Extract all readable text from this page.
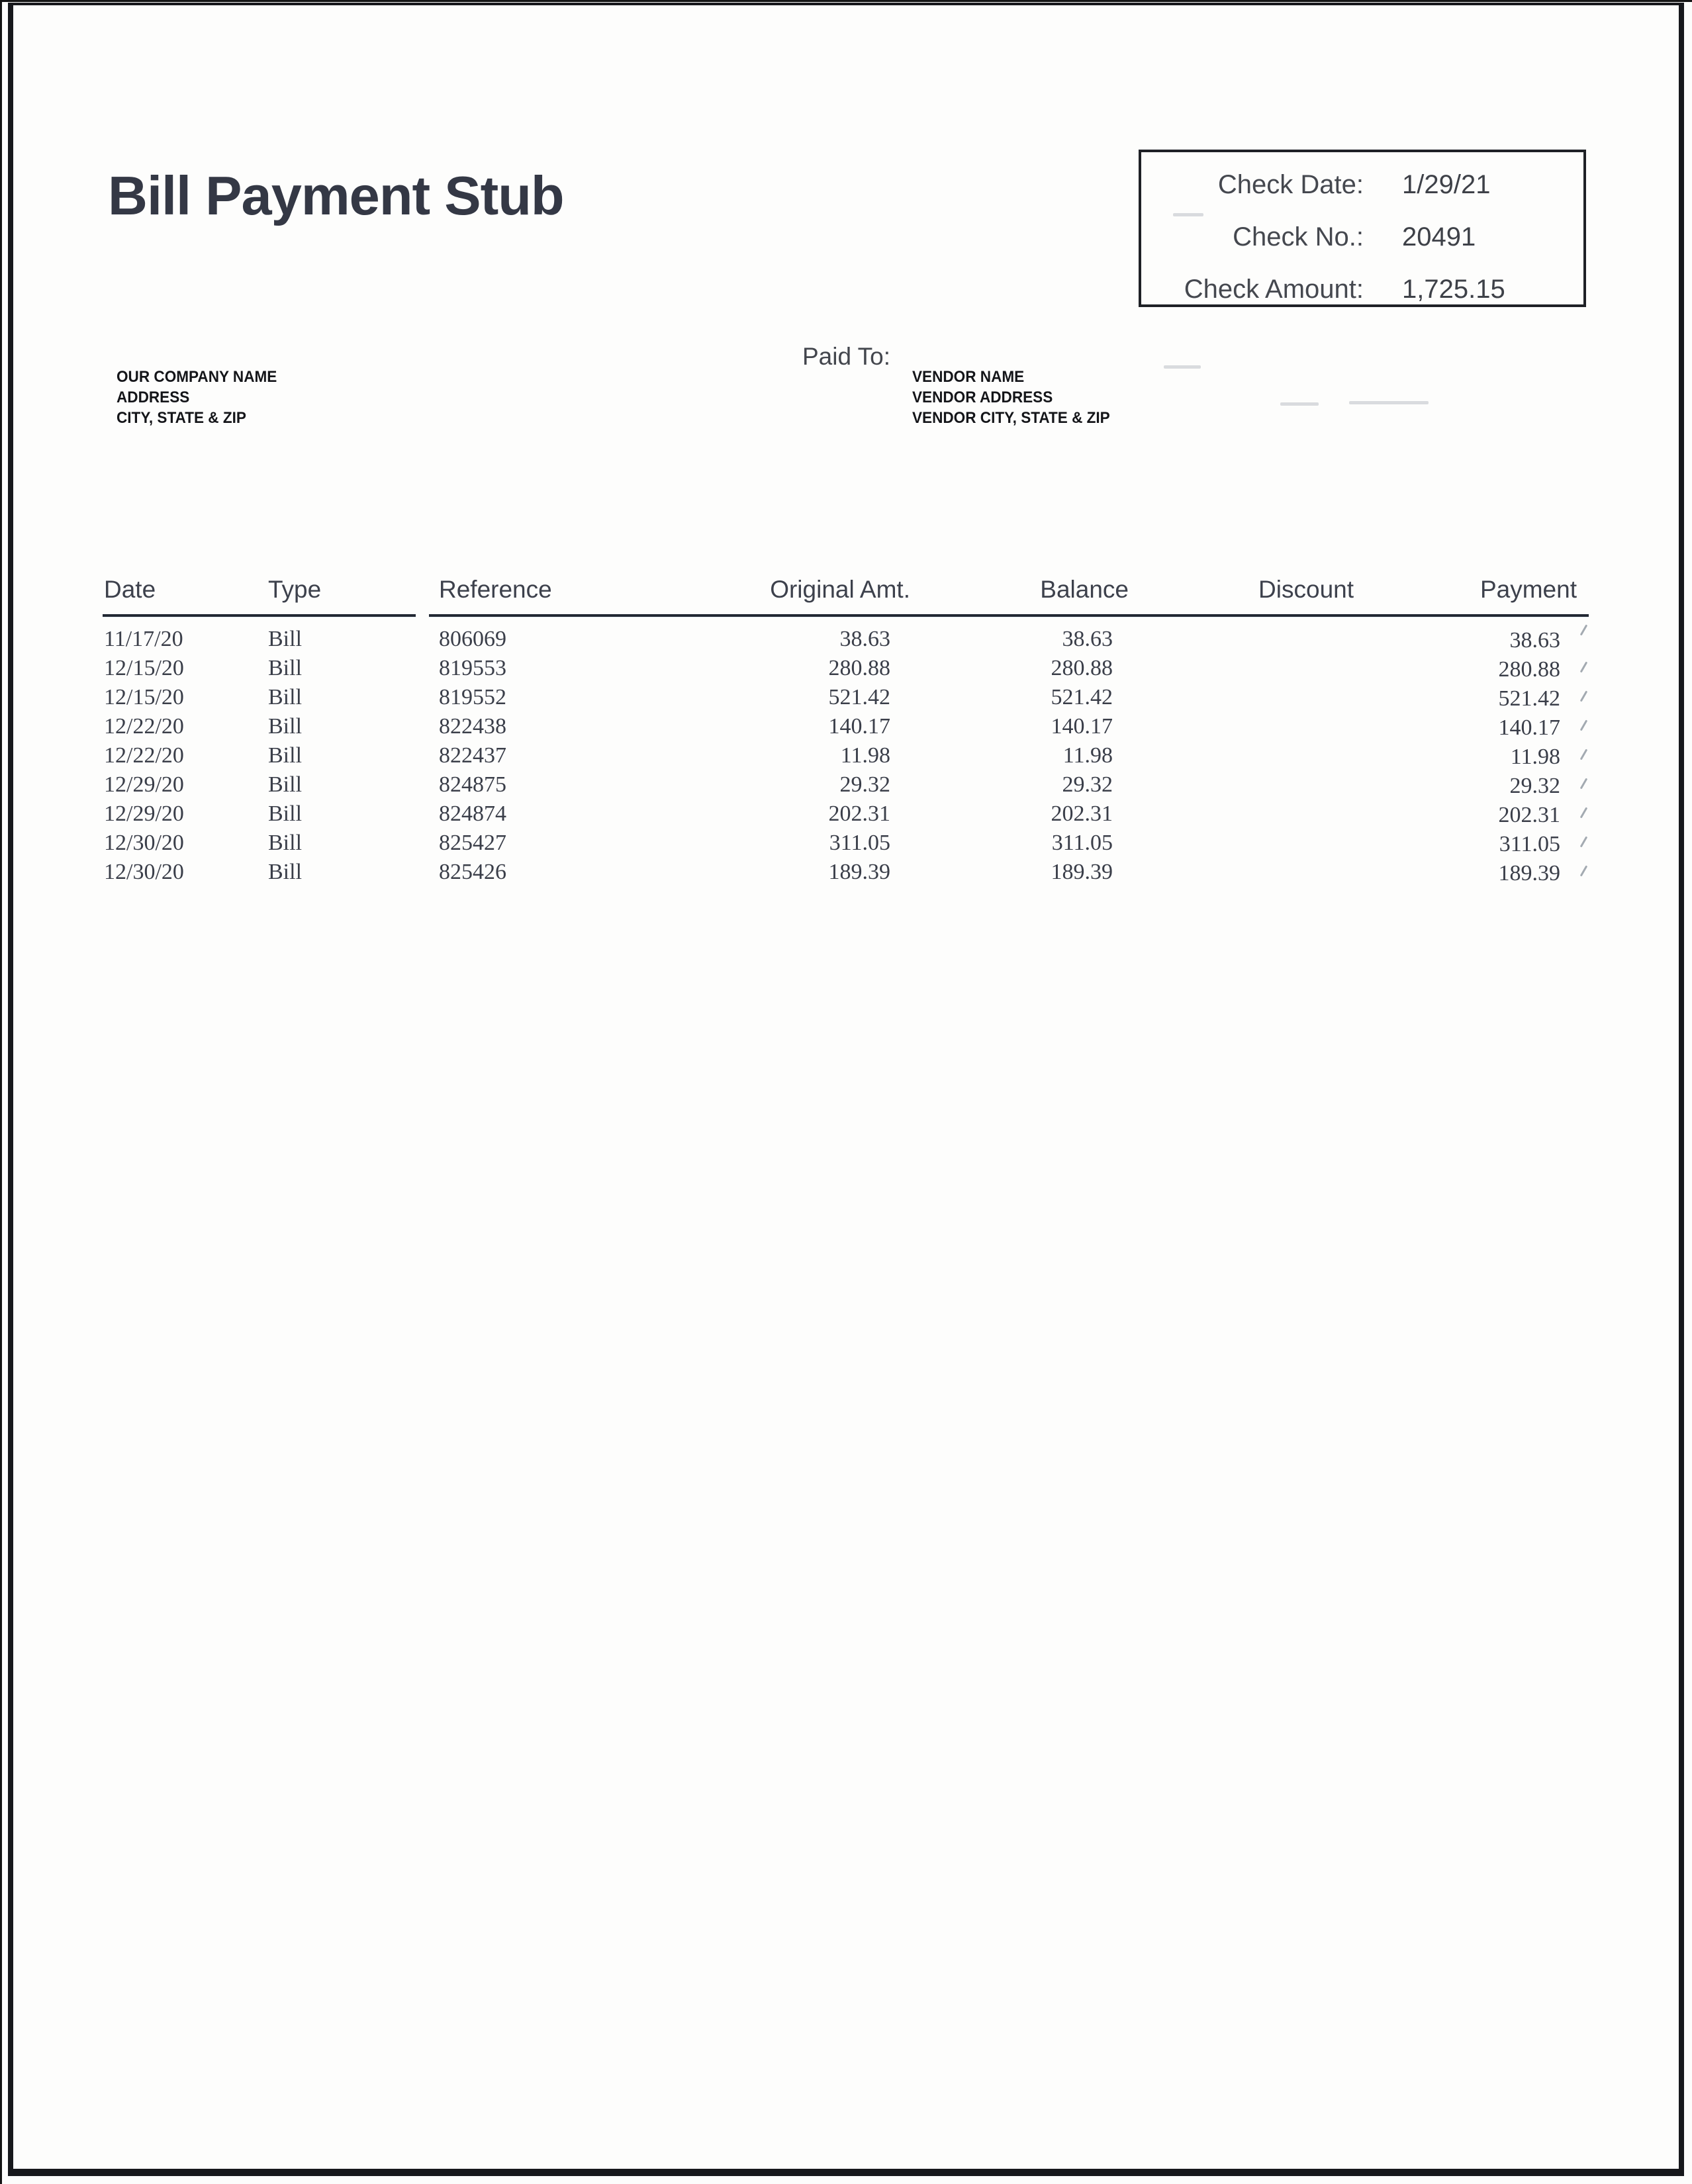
Bill Payment Stub	Check Date: 1/29/21
Check No.: 20491
Check Amount: 1,725.15
Paid To:
OUR COMPANY NAME
ADDRESS
CITY, STATE & ZIP
VENDOR NAME
VENDOR ADDRESS
VENDOR CITY, STATE & ZIP
Date	Type		Reference	Original Amt.	Balance	Discount	Payment
11/17/20	Bill		806069	38.63	38.63		38.63

12/15/20	Bill		819553	280.88	280.88		280.88

12/15/20	Bill		819552	521.42	521.42		521.42

12/22/20	Bill		822438	140.17	140.17		140.17

12/22/20	Bill		822437	11.98	11.98		11.98

12/29/20	Bill		824875	29.32	29.32		29.32

12/29/20	Bill		824874	202.31	202.31		202.31

12/30/20	Bill		825427	311.05	311.05		311.05

12/30/20	Bill		825426	189.39	189.39		189.39
